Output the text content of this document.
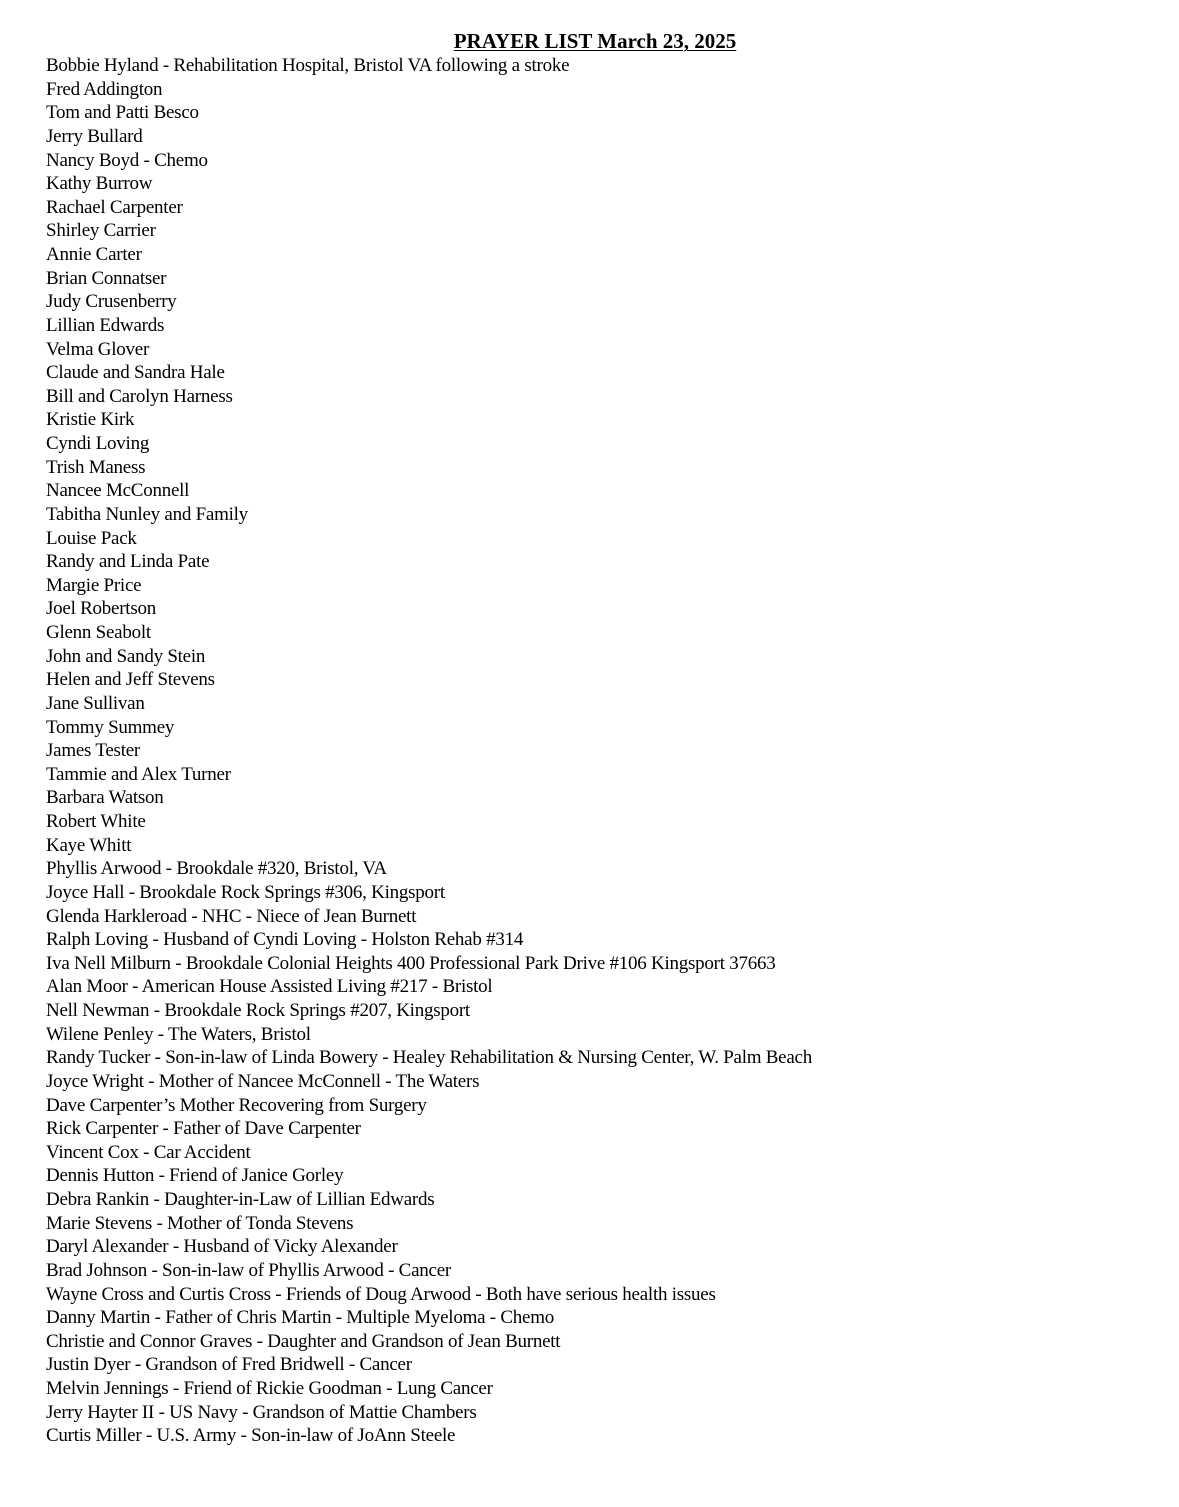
PRAYER LIST March 23, 2025
Bobbie Hyland - Rehabilitation Hospital, Bristol VA following a stroke
Fred Addington
Tom and Patti Besco
Jerry Bullard
Nancy Boyd - Chemo
Kathy Burrow
Rachael Carpenter
Shirley Carrier
Annie Carter
Brian Connatser
Judy Crusenberry
Lillian Edwards
Velma Glover
Claude and Sandra Hale
Bill and Carolyn Harness
Kristie Kirk
Cyndi Loving
Trish Maness
Nancee McConnell
Tabitha Nunley and Family
Louise Pack
Randy and Linda Pate
Margie Price
Joel Robertson
Glenn Seabolt
John and Sandy Stein
Helen and Jeff Stevens
Jane Sullivan
Tommy Summey
James Tester
Tammie and Alex Turner
Barbara Watson
Robert White
Kaye Whitt
Phyllis Arwood - Brookdale #320, Bristol, VA
Joyce Hall - Brookdale Rock Springs #306, Kingsport
Glenda Harkleroad - NHC - Niece of Jean Burnett
Ralph Loving - Husband of Cyndi Loving - Holston Rehab #314
Iva Nell Milburn - Brookdale Colonial Heights 400 Professional Park Drive #106 Kingsport 37663
Alan Moor - American House Assisted Living #217 - Bristol
Nell Newman - Brookdale Rock Springs #207, Kingsport
Wilene Penley - The Waters, Bristol
Randy Tucker - Son-in-law of Linda Bowery - Healey Rehabilitation & Nursing Center, W. Palm Beach
Joyce Wright - Mother of Nancee McConnell - The Waters
Dave Carpenter’s Mother Recovering from Surgery
Rick Carpenter - Father of Dave Carpenter
Vincent Cox - Car Accident
Dennis Hutton - Friend of Janice Gorley
Debra Rankin - Daughter-in-Law of Lillian Edwards
Marie Stevens - Mother of Tonda Stevens
Daryl Alexander - Husband of Vicky Alexander
Brad Johnson - Son-in-law of Phyllis Arwood - Cancer
Wayne Cross and Curtis Cross - Friends of Doug Arwood - Both have serious health issues
Danny Martin - Father of Chris Martin - Multiple Myeloma - Chemo
Christie and Connor Graves - Daughter and Grandson of Jean Burnett
Justin Dyer - Grandson of Fred Bridwell - Cancer
Melvin Jennings - Friend of Rickie Goodman - Lung Cancer
Jerry Hayter II - US Navy - Grandson of Mattie Chambers
Curtis Miller - U.S. Army - Son-in-law of JoAnn Steele
